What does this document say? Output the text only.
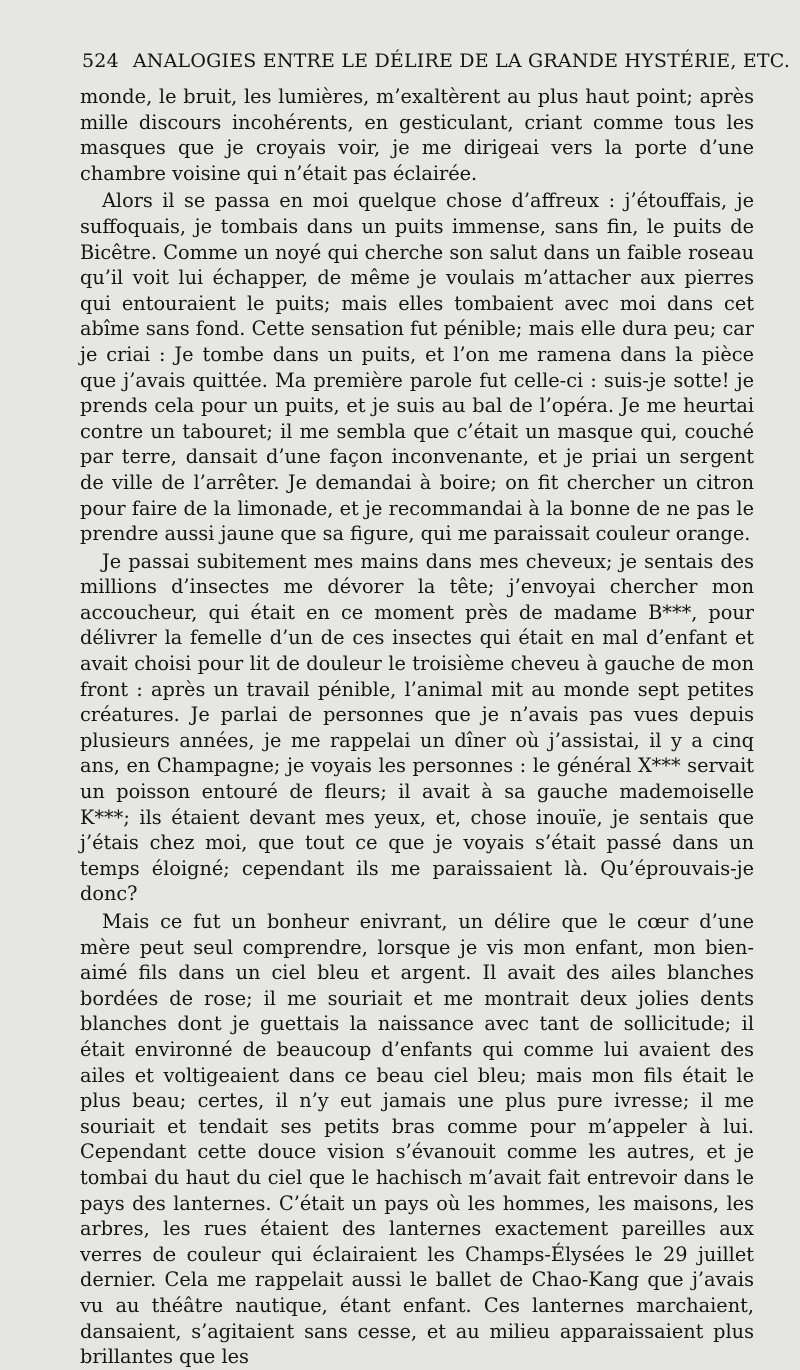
524 ANALOGIES ENTRE LE DÉLIRE DE LA GRANDE HYSTÉRIE, ETC.

monde, le bruit, les lumières, m’exaltèrent au plus haut point; après mille discours incohérents, en gesticulant, criant comme tous les masques que je croyais voir, je me dirigeai vers la porte d’une chambre voisine qui n’était pas éclairée.

Alors il se passa en moi quelque chose d’affreux : j’étouffais, je suffoquais, je tombais dans un puits immense, sans fin, le puits de Bicêtre. Comme un noyé qui cherche son salut dans un faible roseau qu’il voit lui échapper, de même je voulais m’attacher aux pierres qui entouraient le puits; mais elles tombaient avec moi dans cet abîme sans fond. Cette sensation fut pénible; mais elle dura peu; car je criai : Je tombe dans un puits, et l’on me ramena dans la pièce que j’avais quittée. Ma première parole fut celle-ci : suis-je sotte! je prends cela pour un puits, et je suis au bal de l’opéra. Je me heurtai contre un tabouret; il me sembla que c’était un masque qui, couché par terre, dansait d’une façon inconvenante, et je priai un sergent de ville de l’arrêter. Je demandai à boire; on fit chercher un citron pour faire de la limonade, et je recommandai à la bonne de ne pas le prendre aussi jaune que sa figure, qui me paraissait couleur orange.

Je passai subitement mes mains dans mes cheveux; je sentais des millions d’insectes me dévorer la tête; j’envoyai chercher mon accoucheur, qui était en ce moment près de madame B***, pour délivrer la femelle d’un de ces insectes qui était en mal d’enfant et avait choisi pour lit de douleur le troisième cheveu à gauche de mon front : après un travail pénible, l’animal mit au monde sept petites créatures. Je parlai de personnes que je n’avais pas vues depuis plusieurs années, je me rappelai un dîner où j’assistai, il y a cinq ans, en Champagne; je voyais les personnes : le général X*** servait un poisson entouré de fleurs; il avait à sa gauche mademoiselle K***; ils étaient devant mes yeux, et, chose inouïe, je sentais que j’étais chez moi, que tout ce que je voyais s’était passé dans un temps éloigné; cependant ils me paraissaient là. Qu’éprouvais-je donc?

Mais ce fut un bonheur enivrant, un délire que le cœur d’une mère peut seul comprendre, lorsque je vis mon enfant, mon bien-aimé fils dans un ciel bleu et argent. Il avait des ailes blanches bordées de rose; il me souriait et me montrait deux jolies dents blanches dont je guettais la naissance avec tant de sollicitude; il était environné de beaucoup d’enfants qui comme lui avaient des ailes et voltigeaient dans ce beau ciel bleu; mais mon fils était le plus beau; certes, il n’y eut jamais une plus pure ivresse; il me souriait et tendait ses petits bras comme pour m’appeler à lui. Cependant cette douce vision s’évanouit comme les autres, et je tombai du haut du ciel que le hachisch m’avait fait entrevoir dans le pays des lanternes. C’était un pays où les hommes, les maisons, les arbres, les rues étaient des lanternes exactement pareilles aux verres de couleur qui éclairaient les Champs-Élysées le 29 juillet dernier. Cela me rappelait aussi le ballet de Chao-Kang que j’avais vu au théâtre nautique, étant enfant. Ces lanternes marchaient, dansaient, s’agitaient sans cesse, et au milieu apparaissaient plus brillantes que les
